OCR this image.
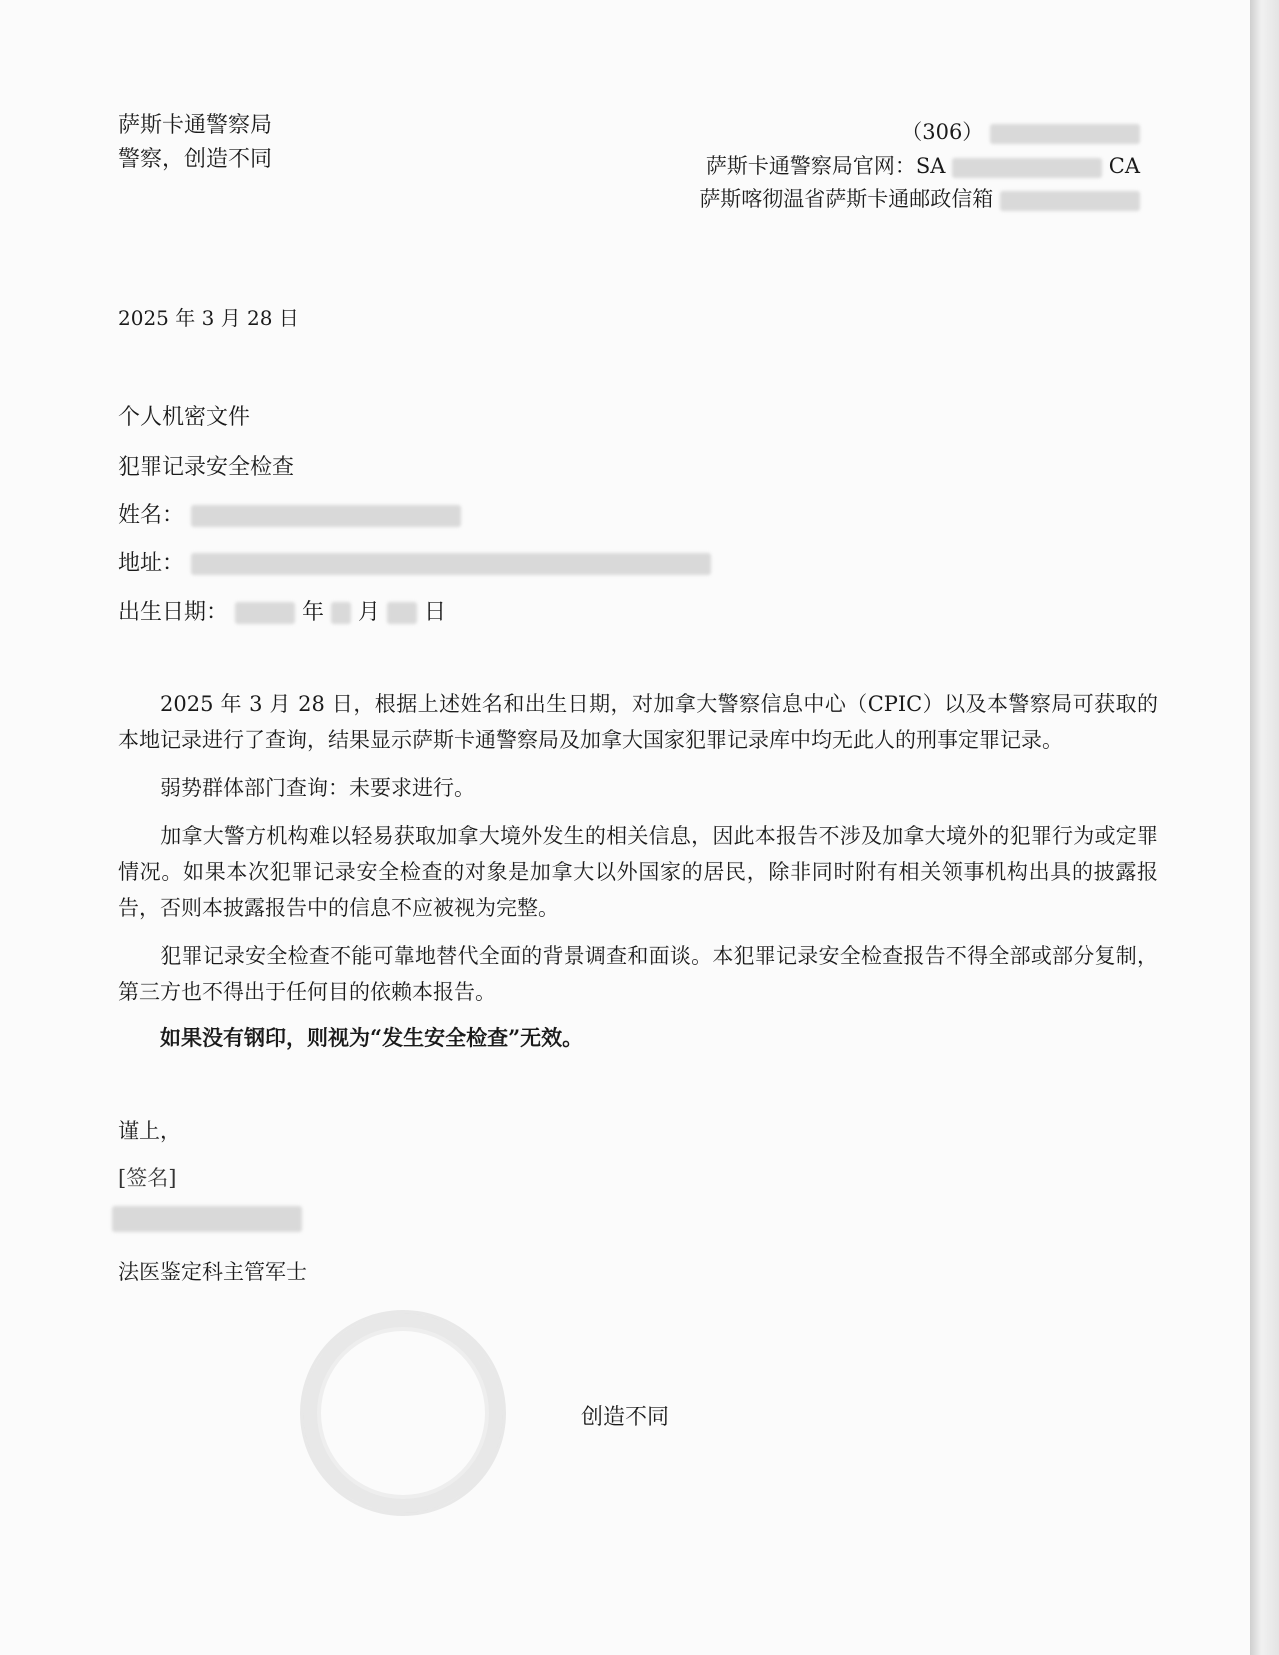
萨斯卡通警察局
警察，创造不同
（306）
萨斯卡通警察局官网：SA	CA
萨斯喀彻温省萨斯卡通邮政信箱
2025 年 3 月 28 日
个人机密文件
犯罪记录安全检查
姓名：
地址：
出生日期：	年 月 日
2025 年 3 月 28 日，根据上述姓名和出生日期，对加拿大警察信息中心（CPIC）以及本警察局可获取的本地记录进行了查询，结果显示萨斯卡通警察局及加拿大国家犯罪记录库中均无此人的刑事定罪记录。
弱势群体部门查询：未要求进行。
加拿大警方机构难以轻易获取加拿大境外发生的相关信息，因此本报告不涉及加拿大境外的犯罪行为或定罪情况。如果本次犯罪记录安全检查的对象是加拿大以外国家的居民，除非同时附有相关领事机构出具的披露报告，否则本披露报告中的信息不应被视为完整。
犯罪记录安全检查不能可靠地替代全面的背景调查和面谈。本犯罪记录安全检查报告不得全部或部分复制，第三方也不得出于任何目的依赖本报告。
如果没有钢印，则视为“发生安全检查”无效。
谨上，
[签名]
法医鉴定科主管军士
创造不同
